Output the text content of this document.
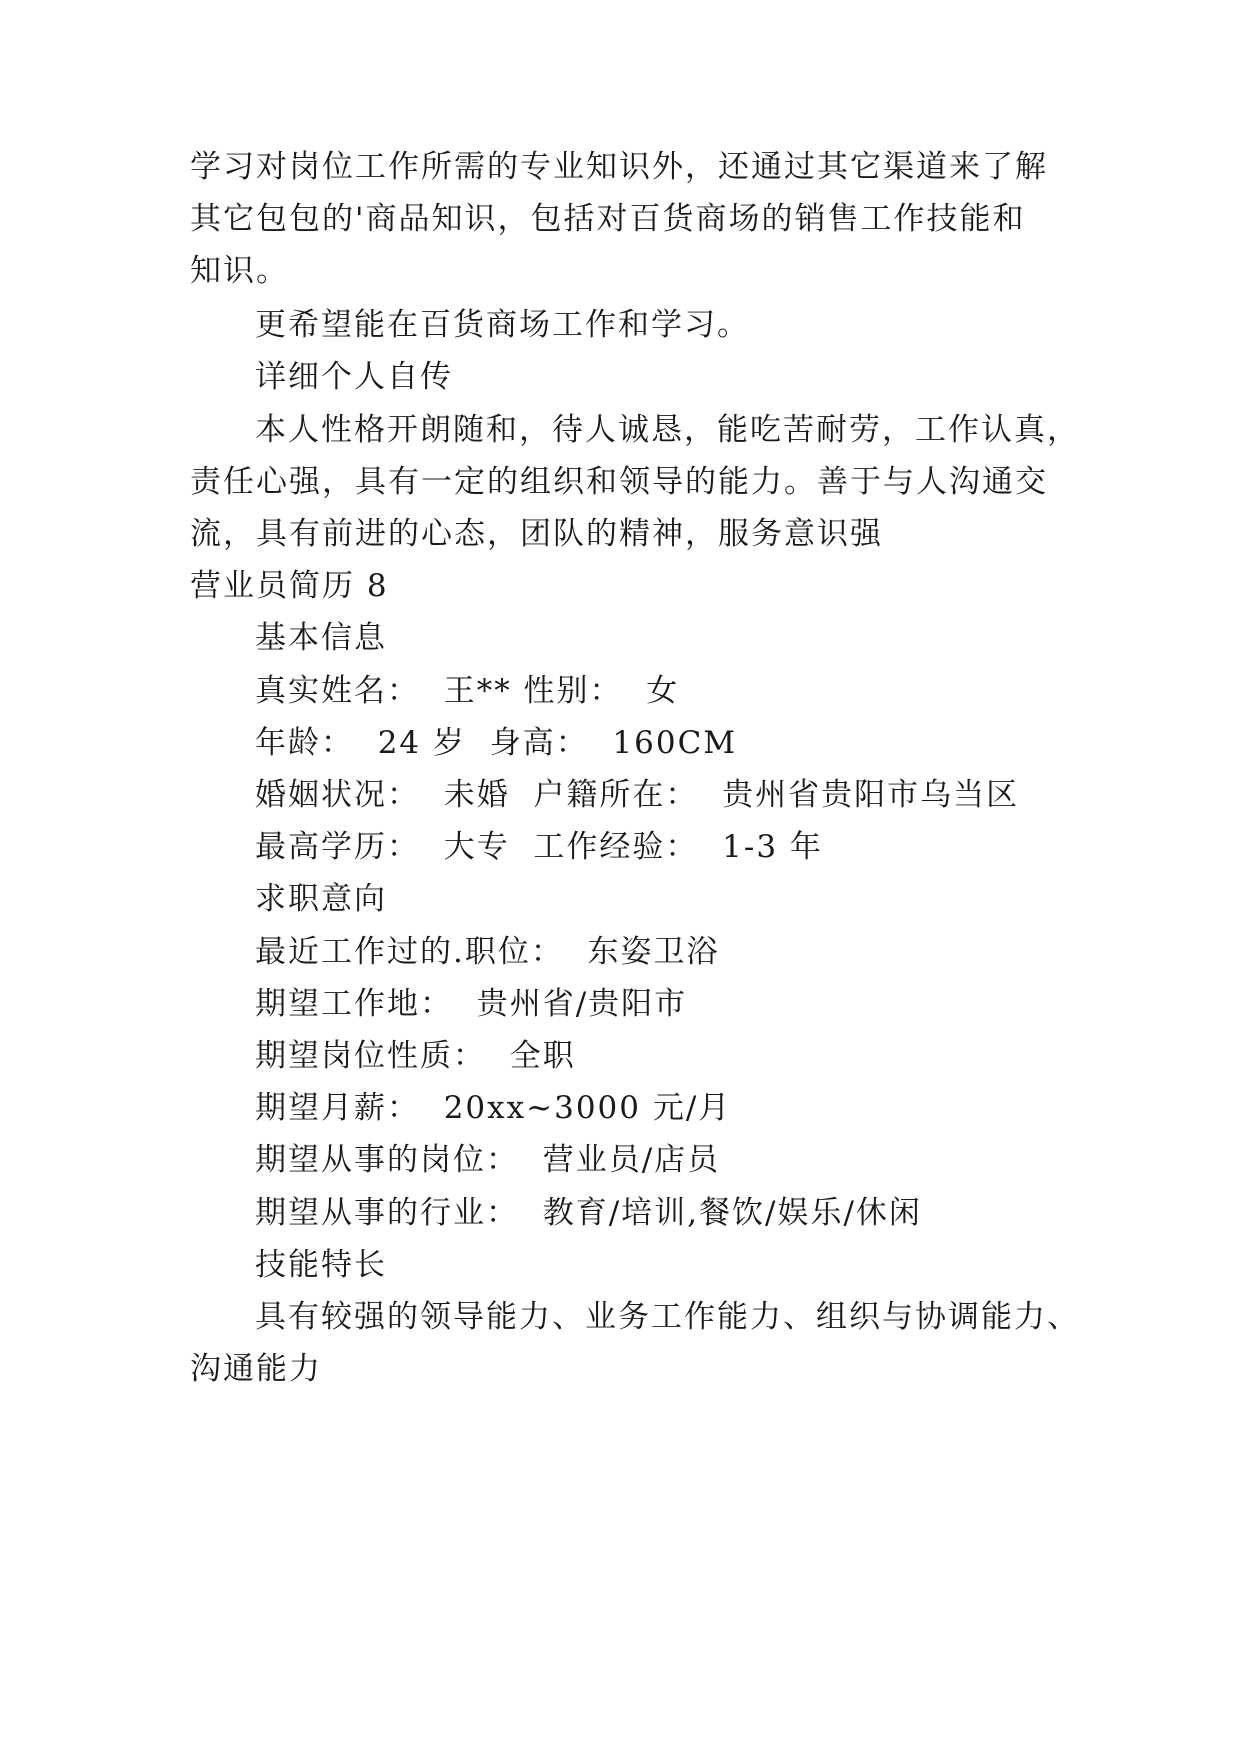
学习对岗位工作所需的专业知识外，还通过其它渠道来了解
其它包包的'商品知识，包括对百货商场的销售工作技能和
知识。
更希望能在百货商场工作和学习。
详细个人自传
本人性格开朗随和，待人诚恳，能吃苦耐劳，工作认真，
责任心强，具有一定的组织和领导的能力。善于与人沟通交
流，具有前进的心态，团队的精神，服务意识强
营业员简历 8
基本信息
真实姓名：  王** 性别：  女
年龄：  24 岁  身高：  160CM
婚姻状况：  未婚  户籍所在：  贵州省贵阳市乌当区
最高学历：  大专  工作经验：  1-3 年
求职意向
最近工作过的.职位：  东姿卫浴
期望工作地：  贵州省/贵阳市
期望岗位性质：  全职
期望月薪：  20xx~3000 元/月
期望从事的岗位：  营业员/店员
期望从事的行业：  教育/培训,餐饮/娱乐/休闲
技能特长
具有较强的领导能力、业务工作能力、组织与协调能力、
沟通能力
